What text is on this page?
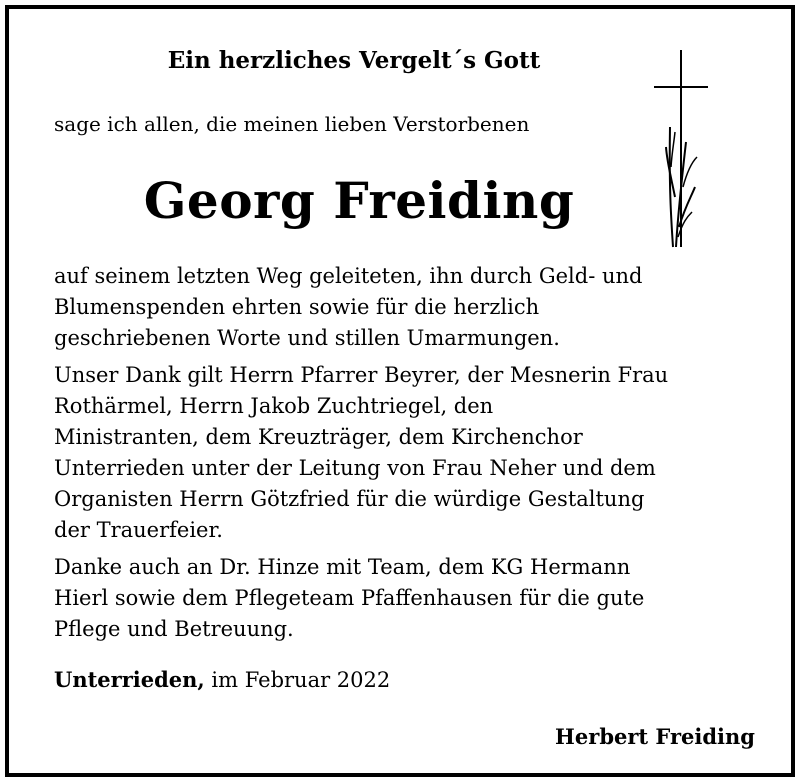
Ein herzliches Vergelt´s Gott
sage ich allen, die meinen lieben Verstorbenen
Georg Freiding

auf seinem letzten Weg geleiteten, ihn durch Geld- und
Blumenspenden ehrten sowie für die herzlich
geschriebenen Worte und stillen Umarmungen.

Unser Dank gilt Herrn Pfarrer Beyrer, der Mesnerin Frau
Rothärmel, Herrn Jakob Zuchtriegel, den
Ministranten, dem Kreuzträger, dem Kirchenchor
Unterrieden unter der Leitung von Frau Neher und dem
Organisten Herrn Götzfried für die würdige Gestaltung
der Trauerfeier.

Danke auch an Dr. Hinze mit Team, dem KG Hermann
Hierl sowie dem Pflegeteam Pfaffenhausen für die gute
Pflege und Betreuung.

Unterrieden, im Februar 2022
Herbert Freiding
